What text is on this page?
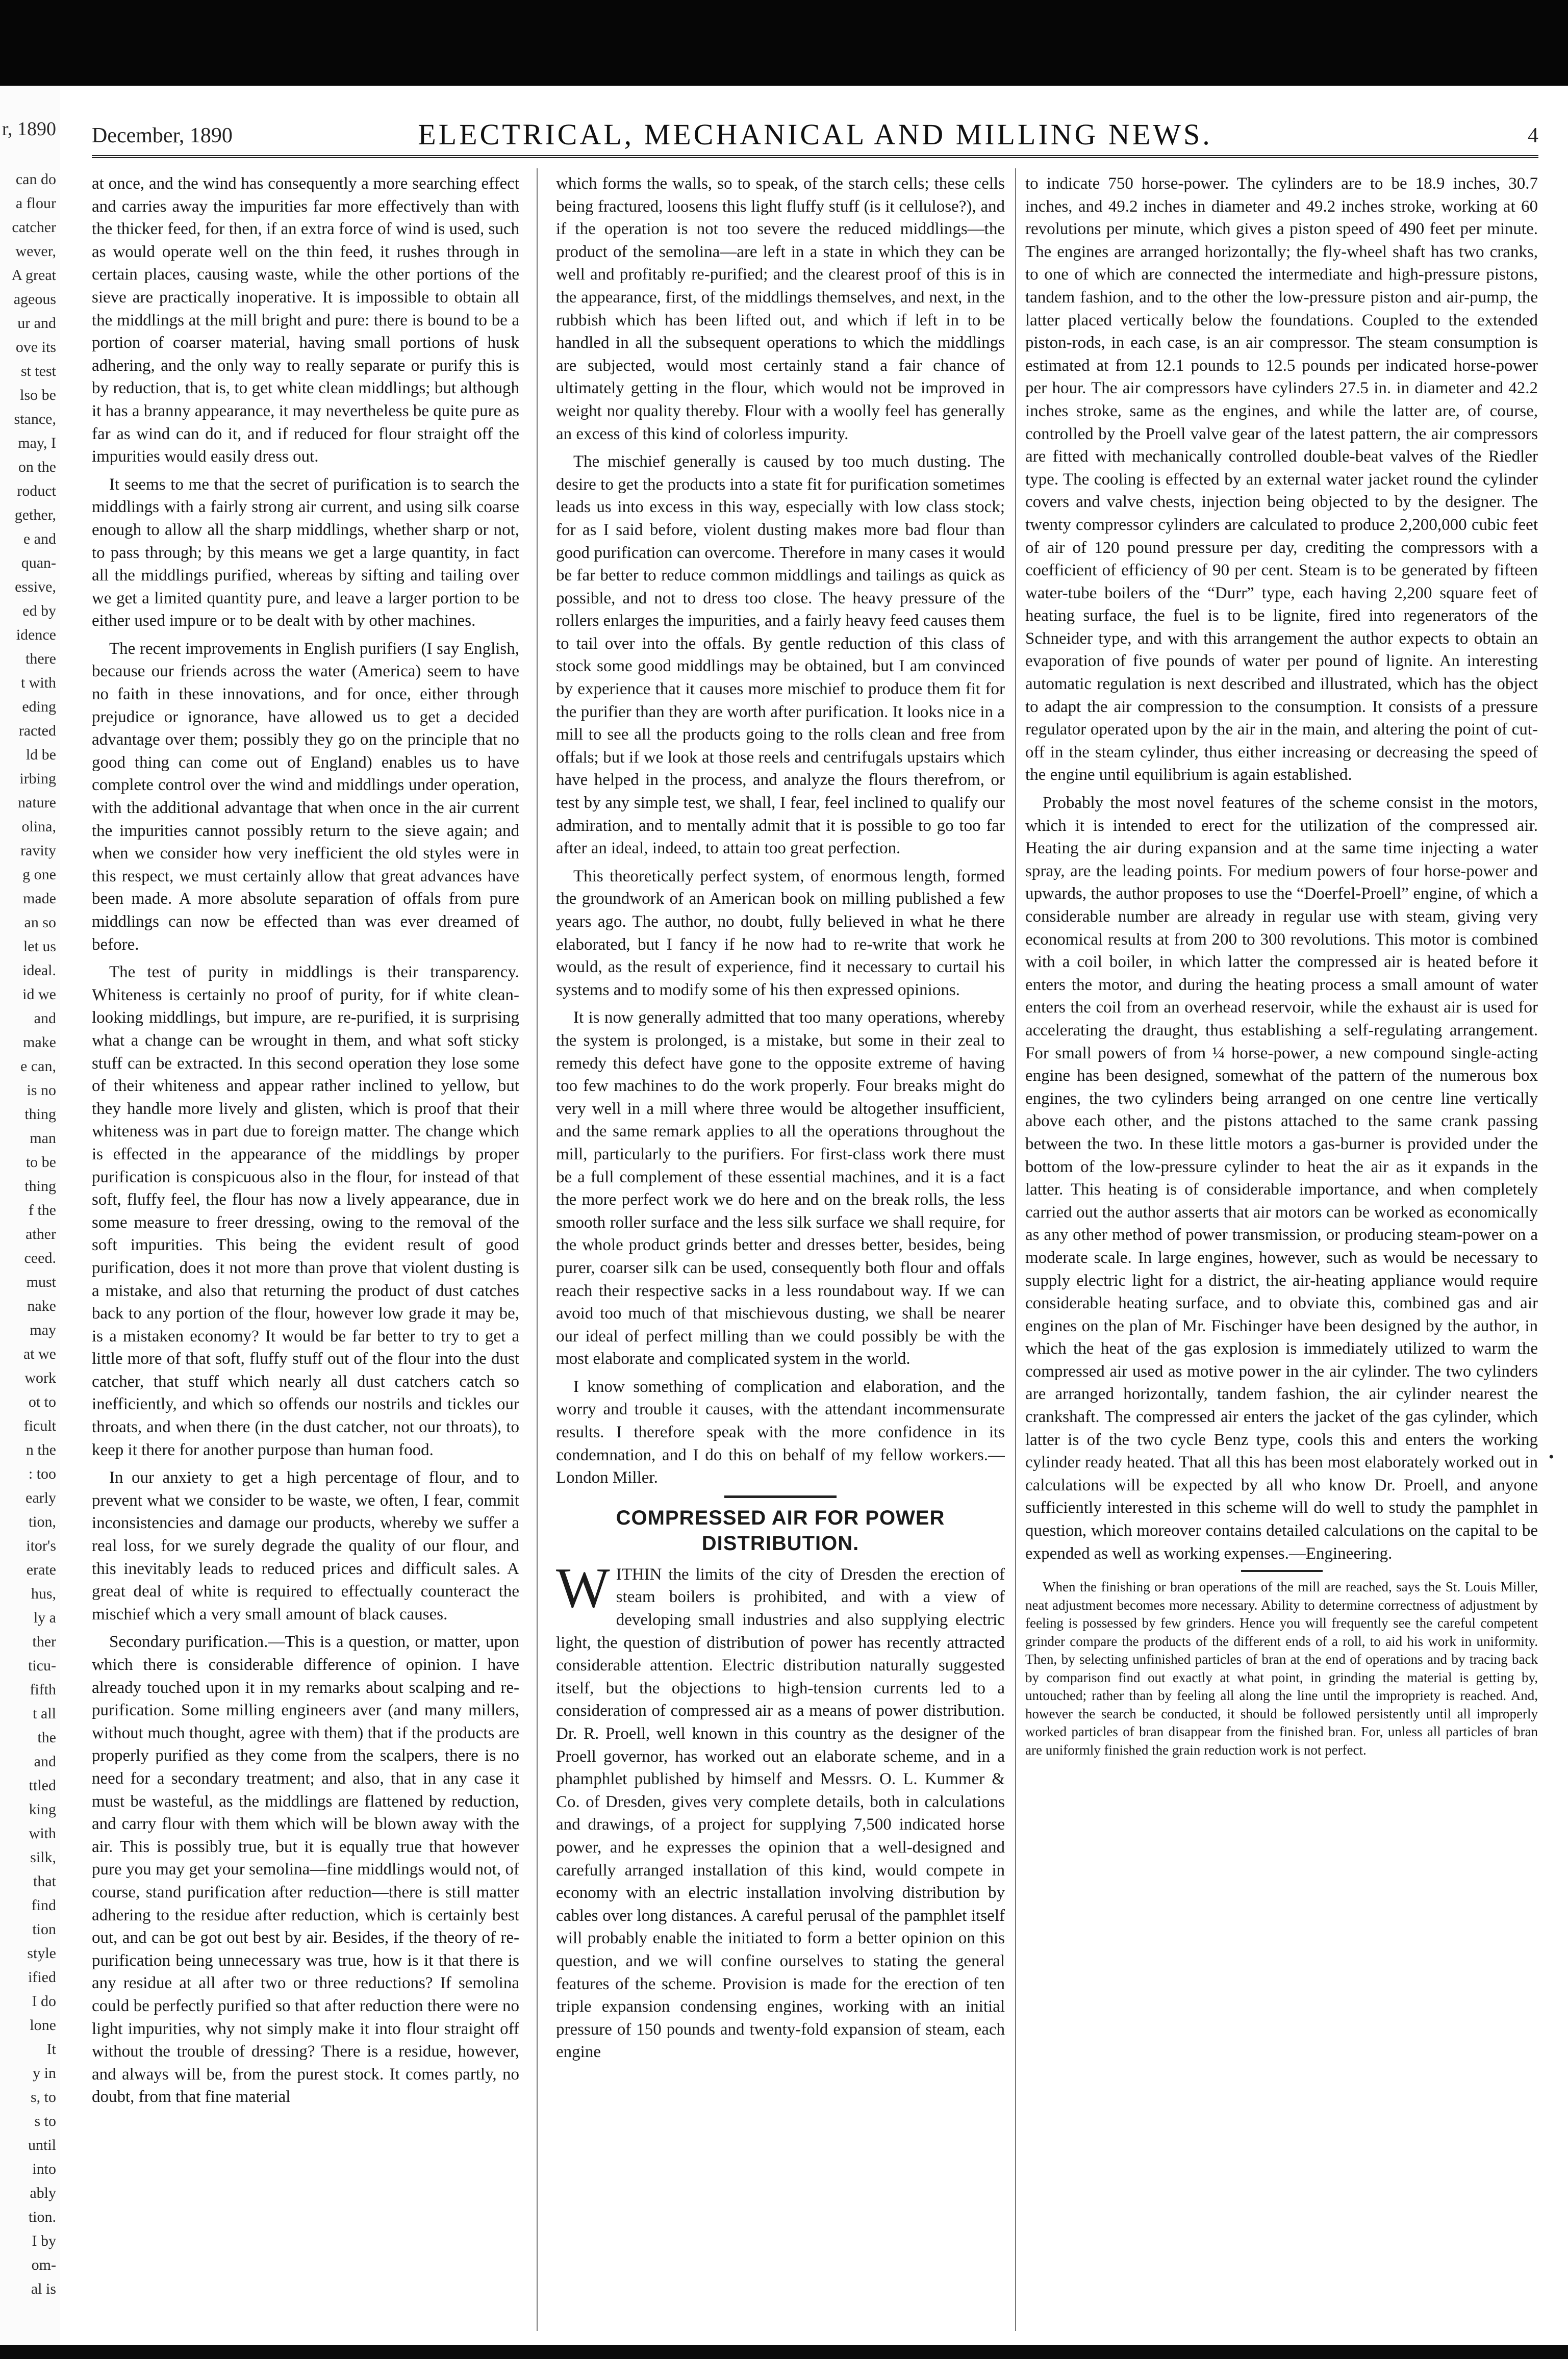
r, 1890
can do
a flour
catcher
wever,
A great
ageous
ur and
ove its
st test
lso be
stance,
may, I
on the
roduct
gether,
e and
quan-
essive,
ed by
idence
there
t with
eding
racted
ld be
irbing
nature
olina,
ravity
g one
made
an so
let us
ideal.
id we
and
make
e can,
is no
thing
man
to be
thing
f the
ather
ceed.
must
nake
may
at we
work
ot to
ficult
n the
: too
early
tion,
itor's
erate
hus,
ly a
ther
ticu-
fifth
t all
the
and
ttled
king
with
silk,
that
find
tion
style
ified
I do
lone
It
y in
s, to
s to
until
into
ably
tion.
I by
om-
al is
December, 1890	ELECTRICAL, MECHANICAL AND MILLING NEWS.	4

at once, and the wind has consequently a more searching effect and carries away the impurities far more effectively than with the thicker feed, for then, if an extra force of wind is used, such as would operate well on the thin feed, it rushes through in certain places, causing waste, while the other portions of the sieve are practically inoperative. It is impossible to obtain all the middlings at the mill bright and pure: there is bound to be a portion of coarser material, having small portions of husk adhering, and the only way to really separate or purify this is by reduction, that is, to get white clean middlings; but although it has a branny appearance, it may nevertheless be quite pure as far as wind can do it, and if reduced for flour straight off the impurities would easily dress out.

It seems to me that the secret of purification is to search the middlings with a fairly strong air current, and using silk coarse enough to allow all the sharp middlings, whether sharp or not, to pass through; by this means we get a large quantity, in fact all the middlings purified, whereas by sifting and tailing over we get a limited quantity pure, and leave a larger portion to be either used impure or to be dealt with by other machines.

The recent improvements in English purifiers (I say English, because our friends across the water (America) seem to have no faith in these innovations, and for once, either through prejudice or ignorance, have allowed us to get a decided advantage over them; possibly they go on the principle that no good thing can come out of England) enables us to have complete control over the wind and middlings under operation, with the additional advantage that when once in the air current the impurities cannot possibly return to the sieve again; and when we consider how very inefficient the old styles were in this respect, we must certainly allow that great advances have been made. A more absolute separation of offals from pure middlings can now be effected than was ever dreamed of before.

The test of purity in middlings is their transparency. Whiteness is certainly no proof of purity, for if white clean-looking middlings, but impure, are re-purified, it is surprising what a change can be wrought in them, and what soft sticky stuff can be extracted. In this second operation they lose some of their whiteness and appear rather inclined to yellow, but they handle more lively and glisten, which is proof that their whiteness was in part due to foreign matter. The change which is effected in the appearance of the middlings by proper purification is conspicuous also in the flour, for instead of that soft, fluffy feel, the flour has now a lively appearance, due in some measure to freer dressing, owing to the removal of the soft impurities. This being the evident result of good purification, does it not more than prove that violent dusting is a mistake, and also that returning the product of dust catches back to any portion of the flour, however low grade it may be, is a mistaken economy? It would be far better to try to get a little more of that soft, fluffy stuff out of the flour into the dust catcher, that stuff which nearly all dust catchers catch so inefficiently, and which so offends our nostrils and tickles our throats, and when there (in the dust catcher, not our throats), to keep it there for another purpose than human food.

In our anxiety to get a high percentage of flour, and to prevent what we consider to be waste, we often, I fear, commit inconsistencies and damage our products, whereby we suffer a real loss, for we surely degrade the quality of our flour, and this inevitably leads to reduced prices and difficult sales. A great deal of white is required to effectually counteract the mischief which a very small amount of black causes.

Secondary purification.—This is a question, or matter, upon which there is considerable difference of opinion. I have already touched upon it in my remarks about scalping and re-purification. Some milling engineers aver (and many millers, without much thought, agree with them) that if the products are properly purified as they come from the scalpers, there is no need for a secondary treatment; and also, that in any case it must be wasteful, as the middlings are flattened by reduction, and carry flour with them which will be blown away with the air. This is possibly true, but it is equally true that however pure you may get your semolina—fine middlings would not, of course, stand purification after reduction—there is still matter adhering to the residue after reduction, which is certainly best out, and can be got out best by air. Besides, if the theory of re-purification being unnecessary was true, how is it that there is any residue at all after two or three reductions? If semolina could be perfectly purified so that after reduction there were no light impurities, why not simply make it into flour straight off without the trouble of dressing? There is a residue, however, and always will be, from the purest stock. It comes partly, no doubt, from that fine material

which forms the walls, so to speak, of the starch cells; these cells being fractured, loosens this light fluffy stuff (is it cellulose?), and if the operation is not too severe the reduced middlings—the product of the semolina—are left in a state in which they can be well and profitably re-purified; and the clearest proof of this is in the appearance, first, of the middlings themselves, and next, in the rubbish which has been lifted out, and which if left in to be handled in all the subsequent operations to which the middlings are subjected, would most certainly stand a fair chance of ultimately getting in the flour, which would not be improved in weight nor quality thereby. Flour with a woolly feel has generally an excess of this kind of colorless impurity.

The mischief generally is caused by too much dusting. The desire to get the products into a state fit for purification sometimes leads us into excess in this way, especially with low class stock; for as I said before, violent dusting makes more bad flour than good purification can overcome. Therefore in many cases it would be far better to reduce common middlings and tailings as quick as possible, and not to dress too close. The heavy pressure of the rollers enlarges the impurities, and a fairly heavy feed causes them to tail over into the offals. By gentle reduction of this class of stock some good middlings may be obtained, but I am convinced by experience that it causes more mischief to produce them fit for the purifier than they are worth after purification. It looks nice in a mill to see all the products going to the rolls clean and free from offals; but if we look at those reels and centrifugals upstairs which have helped in the process, and analyze the flours therefrom, or test by any simple test, we shall, I fear, feel inclined to qualify our admiration, and to mentally admit that it is possible to go too far after an ideal, indeed, to attain too great perfection.

This theoretically perfect system, of enormous length, formed the groundwork of an American book on milling published a few years ago. The author, no doubt, fully believed in what he there elaborated, but I fancy if he now had to re-write that work he would, as the result of experience, find it necessary to curtail his systems and to modify some of his then expressed opinions.

It is now generally admitted that too many operations, whereby the system is prolonged, is a mistake, but some in their zeal to remedy this defect have gone to the opposite extreme of having too few machines to do the work properly. Four breaks might do very well in a mill where three would be altogether insufficient, and the same remark applies to all the operations throughout the mill, particularly to the purifiers. For first-class work there must be a full complement of these essential machines, and it is a fact the more perfect work we do here and on the break rolls, the less smooth roller surface and the less silk surface we shall require, for the whole product grinds better and dresses better, besides, being purer, coarser silk can be used, consequently both flour and offals reach their respective sacks in a less roundabout way. If we can avoid too much of that mischievous dusting, we shall be nearer our ideal of perfect milling than we could possibly be with the most elaborate and complicated system in the world.

I know something of complication and elaboration, and the worry and trouble it causes, with the attendant incommensurate results. I therefore speak with the more confidence in its condemnation, and I do this on behalf of my fellow workers.—London Miller.

COMPRESSED AIR FOR POWER DISTRIBUTION.

W ITHIN the limits of the city of Dresden the erection of steam boilers is prohibited, and with a view of developing small industries and also supplying electric light, the question of distribution of power has recently attracted considerable attention. Electric distribution naturally suggested itself, but the objections to high-tension currents led to a consideration of compressed air as a means of power distribution. Dr. R. Proell, well known in this country as the designer of the Proell governor, has worked out an elaborate scheme, and in a phamphlet published by himself and Messrs. O. L. Kummer & Co. of Dresden, gives very complete details, both in calculations and drawings, of a project for supplying 7,500 indicated horse power, and he expresses the opinion that a well-designed and carefully arranged installation of this kind, would compete in economy with an electric installation involving distribution by cables over long distances. A careful perusal of the pamphlet itself will probably enable the initiated to form a better opinion on this question, and we will confine ourselves to stating the general features of the scheme. Provision is made for the erection of ten triple expansion condensing engines, working with an initial pressure of 150 pounds and twenty-fold expansion of steam, each engine

to indicate 750 horse-power. The cylinders are to be 18.9 inches, 30.7 inches, and 49.2 inches in diameter and 49.2 inches stroke, working at 60 revolutions per minute, which gives a piston speed of 490 feet per minute. The engines are arranged horizontally; the fly-wheel shaft has two cranks, to one of which are connected the intermediate and high-pressure pistons, tandem fashion, and to the other the low-pressure piston and air-pump, the latter placed vertically below the foundations. Coupled to the extended piston-rods, in each case, is an air compressor. The steam consumption is estimated at from 12.1 pounds to 12.5 pounds per indicated horse-power per hour. The air compressors have cylinders 27.5 in. in diameter and 42.2 inches stroke, same as the engines, and while the latter are, of course, controlled by the Proell valve gear of the latest pattern, the air compressors are fitted with mechanically controlled double-beat valves of the Riedler type. The cooling is effected by an external water jacket round the cylinder covers and valve chests, injection being objected to by the designer. The twenty compressor cylinders are calculated to produce 2,200,000 cubic feet of air of 120 pound pressure per day, crediting the compressors with a coefficient of efficiency of 90 per cent. Steam is to be generated by fifteen water-tube boilers of the “Durr” type, each having 2,200 square feet of heating surface, the fuel is to be lignite, fired into regenerators of the Schneider type, and with this arrangement the author expects to obtain an evaporation of five pounds of water per pound of lignite. An interesting automatic regulation is next described and illustrated, which has the object to adapt the air compression to the consumption. It consists of a pressure regulator operated upon by the air in the main, and altering the point of cut-off in the steam cylinder, thus either increasing or decreasing the speed of the engine until equilibrium is again established.

Probably the most novel features of the scheme consist in the motors, which it is intended to erect for the utilization of the compressed air. Heating the air during expansion and at the same time injecting a water spray, are the leading points. For medium powers of four horse-power and upwards, the author proposes to use the “Doerfel-Proell” engine, of which a considerable number are already in regular use with steam, giving very economical results at from 200 to 300 revolutions. This motor is combined with a coil boiler, in which latter the compressed air is heated before it enters the motor, and during the heating process a small amount of water enters the coil from an overhead reservoir, while the exhaust air is used for accelerating the draught, thus establishing a self-regulating arrangement. For small powers of from ¼ horse-power, a new compound single-acting engine has been designed, somewhat of the pattern of the numerous box engines, the two cylinders being arranged on one centre line vertically above each other, and the pistons attached to the same crank passing between the two. In these little motors a gas-burner is provided under the bottom of the low-pressure cylinder to heat the air as it expands in the latter. This heating is of considerable importance, and when completely carried out the author asserts that air motors can be worked as economically as any other method of power transmission, or producing steam-power on a moderate scale. In large engines, however, such as would be necessary to supply electric light for a district, the air-heating appliance would require considerable heating surface, and to obviate this, combined gas and air engines on the plan of Mr. Fischinger have been designed by the author, in which the heat of the gas explosion is immediately utilized to warm the compressed air used as motive power in the air cylinder. The two cylinders are arranged horizontally, tandem fashion, the air cylinder nearest the crankshaft. The compressed air enters the jacket of the gas cylinder, which latter is of the two cycle Benz type, cools this and enters the working cylinder ready heated. That all this has been most elaborately worked out in calculations will be expected by all who know Dr. Proell, and anyone sufficiently interested in this scheme will do well to study the pamphlet in question, which moreover contains detailed calculations on the capital to be expended as well as working expenses.—Engineering.

When the finishing or bran operations of the mill are reached, says the St. Louis Miller, neat adjustment becomes more necessary. Ability to determine correctness of adjustment by feeling is possessed by few grinders. Hence you will frequently see the careful competent grinder compare the products of the different ends of a roll, to aid his work in uniformity. Then, by selecting unfinished particles of bran at the end of operations and by tracing back by comparison find out exactly at what point, in grinding the material is getting by, untouched; rather than by feeling all along the line until the impropriety is reached. And, however the search be conducted, it should be followed persistently until all improperly worked particles of bran disappear from the finished bran. For, unless all particles of bran are uniformly finished the grain reduction work is not perfect.

•
